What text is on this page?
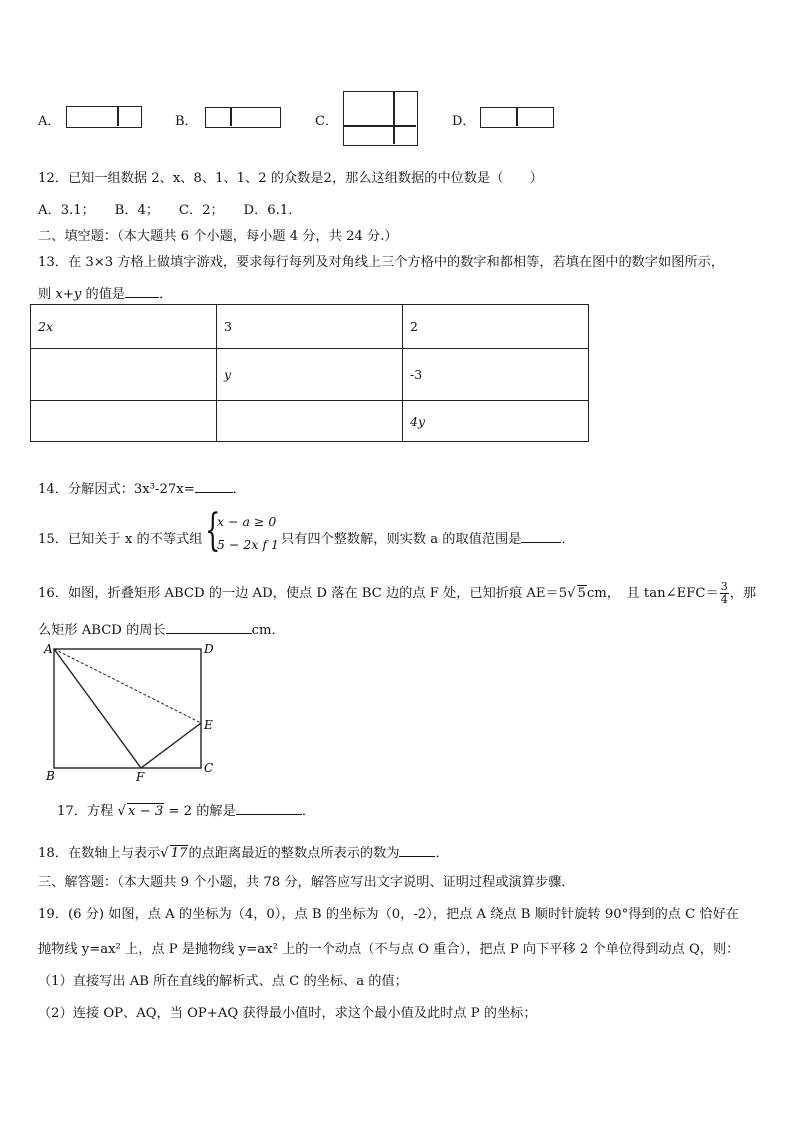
A．	B．	C．	D．
12．已知一组数据 2、x、8、1、1、2 的众数是2，那么这组数据的中位数是（　　）
A．3.1；　　B．4；　　C．2；　　D．6.1．
二、填空题：（本大题共 6 个小题，每小题 4 分，共 24 分.）
13．在 3×3 方格上做填字游戏，要求每行每列及对角线上三个方格中的数字和都相等，若填在图中的数字如图所示，
则 x+y 的值是	．
2x	3	2
	y	-3
		4y
14．分解因式：3x³-27x=	．
15．已知关于 x 的不等式组 {
x − a ≥ 0
5 − 2x f 1 只有四个整数解，则实数 a 的取值范围是	．
16．如图，折叠矩形 ABCD 的一边 AD，使点 D 落在 BC 边的点 F 处，已知折痕 AE＝5√ 5cm，　且 tan∠EFC＝ $\frac{3}{4}$ ，那
么矩形 ABCD 的周长	cm．
A	D
E
B	F
C
17．方程 √ x − 3 = 2 的解是	．
18．在数轴上与表示√ 17的点距离最近的整数点所表示的数为	．
三、解答题：（本大题共 9 个小题，共 78 分，解答应写出文字说明、证明过程或演算步骤．
19．(6 分) 如图，点 A 的坐标为（4，0），点 B 的坐标为（0，-2），把点 A 绕点 B 顺时针旋转 90°得到的点 C 恰好在
抛物线 y=ax² 上，点 P 是抛物线 y=ax² 上的一个动点（不与点 O 重合），把点 P 向下平移 2 个单位得到动点 Q，则：
（1）直接写出 AB 所在直线的解析式、点 C 的坐标、a 的值；
（2）连接 OP、AQ，当 OP+AQ 获得最小值时，求这个最小值及此时点 P 的坐标；
